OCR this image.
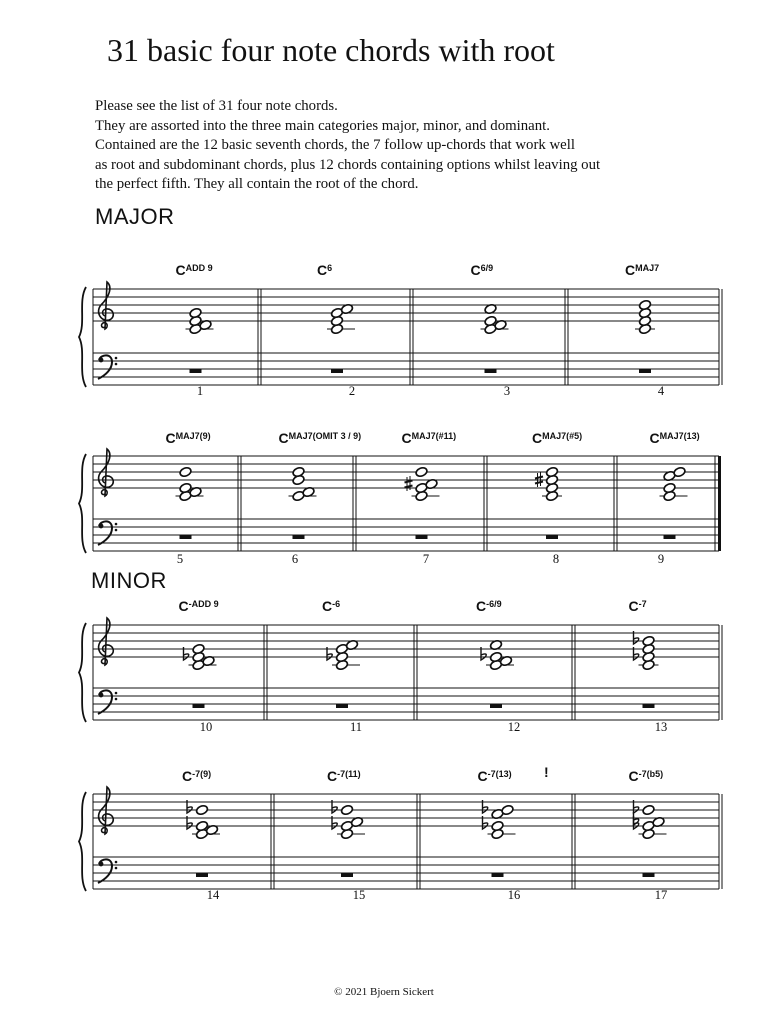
31 basic four note chords with root
Please see the list of 31 four note chords.
They are assorted into the three main categories major, minor, and dominant.
Contained are the 12 basic seventh chords, the 7 follow up-chords that work well
as root and subdominant chords, plus 12 chords containing options whilst leaving out
the perfect fifth. They all contain the root of the chord.
MAJOR
MINOR
$C^{ADD 9}$
1
$C^6$
2
$C^{6/9}$
3
$C^{MAJ7}$
4
$C^{MAJ7(9)}$
5
$C^{MAJ7(OMIT 3 / 9)}$
6
$C^{MAJ7(\#11)}$
7
$C^{MAJ7(\#5)}$
8
$C^{MAJ7(13)}$
9
$C^{-ADD 9}$
10
$C^{-6}$
11
$C^{-6/9}$
12
$C^{-7}$
13
$C^{-7(9)}$
14
$C^{-7(11)}$
15
$C^{-7(13)}$ !
16
$C^{-7(b5)}$
17
© 2021 Bjoern Sickert
